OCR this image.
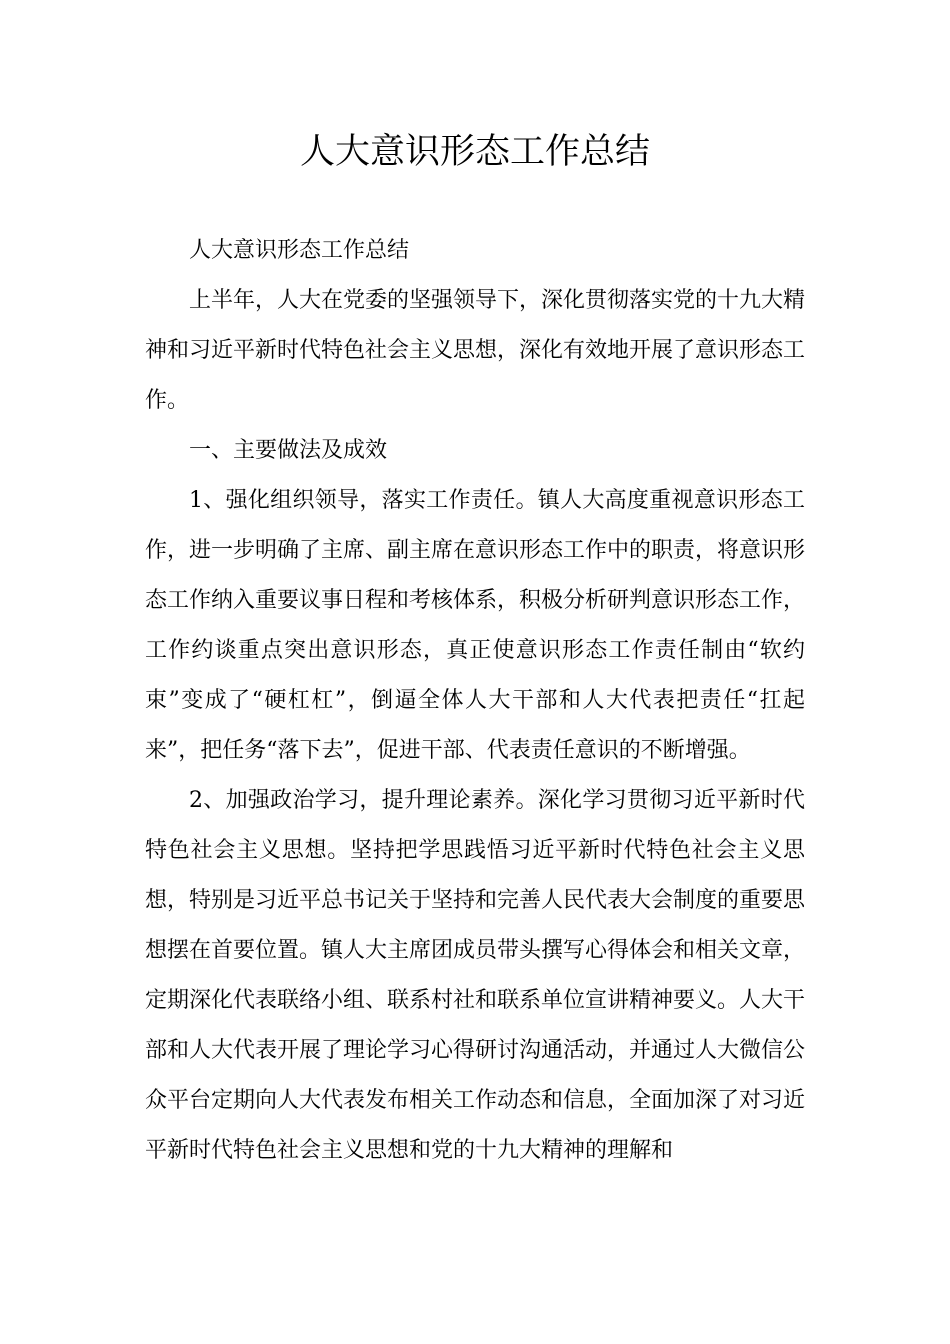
人大意识形态工作总结

人大意识形态工作总结

上半年，人大在党委的坚强领导下，深化贯彻落实党的十九大精神和习近平新时代特色社会主义思想，深化有效地开展了意识形态工作。

一、主要做法及成效

1、强化组织领导，落实工作责任。镇人大高度重视意识形态工作，进一步明确了主席、副主席在意识形态工作中的职责，将意识形态工作纳入重要议事日程和考核体系，积极分析研判意识形态工作，工作约谈重点突出意识形态，真正使意识形态工作责任制由“软约束”变成了“硬杠杠”，倒逼全体人大干部和人大代表把责任“扛起来”，把任务“落下去”，促进干部、代表责任意识的不断增强。

2、加强政治学习，提升理论素养。深化学习贯彻习近平新时代特色社会主义思想。坚持把学思践悟习近平新时代特色社会主义思想，特别是习近平总书记关于坚持和完善人民代表大会制度的重要思想摆在首要位置。镇人大主席团成员带头撰写心得体会和相关文章，定期深化代表联络小组、联系村社和联系单位宣讲精神要义。人大干部和人大代表开展了理论学习心得研讨沟通活动，并通过人大微信公众平台定期向人大代表发布相关工作动态和信息，全面加深了对习近平新时代特色社会主义思想和党的十九大精神的理解和
